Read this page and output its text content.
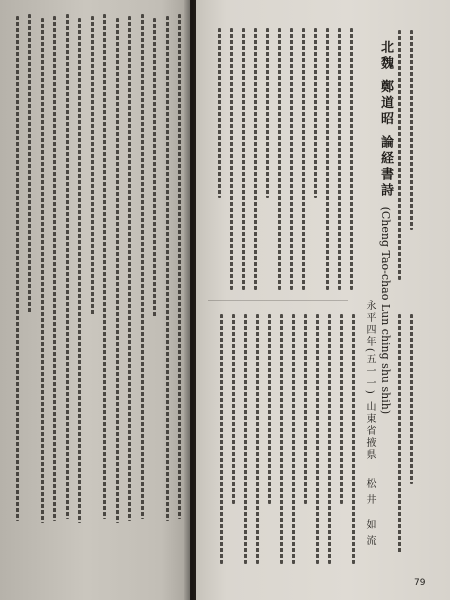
北魏 鄭道昭 論経書詩 (Cheng Tao-chao Lun ching shu shih)
永平四年(五一一) 山東省掖県
松井 如流
79
